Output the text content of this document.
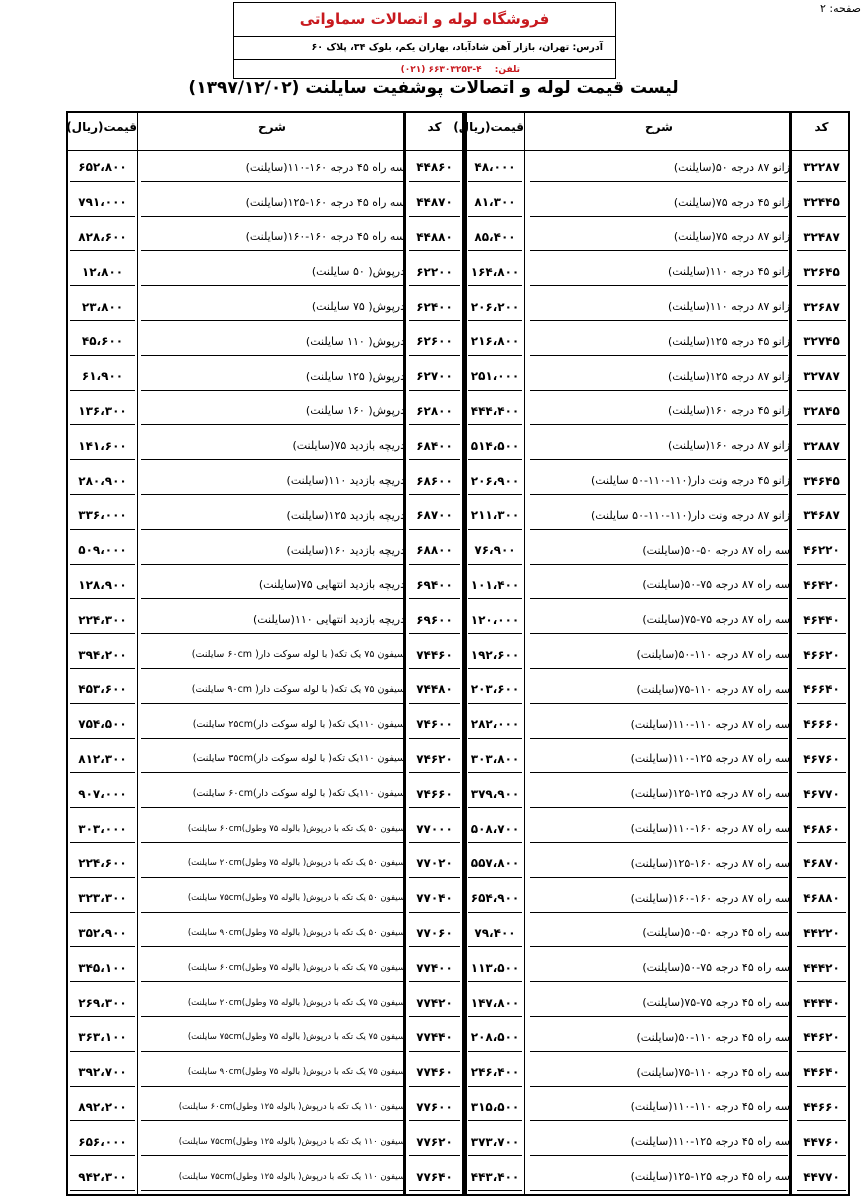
صفحه: ۲
فروشگاه لوله و اتصالات سماواتی
آدرس: تهران، بازار آهن شادآباد، بهاران یکم، بلوک ۳۴، پلاک ۶۰
تلفن: (۰۲۱) ۶۶۳۰۳۲۵۳-۴
لیست قیمت لوله و اتصالات پوشفیت سایلنت (۱۳۹۷/۱۲/۰۲)
کد
شرح
قیمت(ریال)
کد
شرح
قیمت(ریال)
۳۲۲۸۷
زانو ۸۷ درجه ۵۰(سایلنت)
۴۸،۰۰۰
۳۲۴۴۵
زانو ۴۵ درجه ۷۵(سایلنت)
۸۱،۳۰۰
۳۲۴۸۷
زانو ۸۷ درجه ۷۵(سایلنت)
۸۵،۴۰۰
۳۲۶۴۵
زانو ۴۵ درجه ۱۱۰(سایلنت)
۱۶۴،۸۰۰
۳۲۶۸۷
زانو ۸۷ درجه ۱۱۰(سایلنت)
۲۰۶،۲۰۰
۳۲۷۴۵
زانو ۴۵ درجه ۱۲۵(سایلنت)
۲۱۶،۸۰۰
۳۲۷۸۷
زانو ۸۷ درجه ۱۲۵(سایلنت)
۲۵۱،۰۰۰
۳۲۸۴۵
زانو ۴۵ درجه ۱۶۰(سایلنت)
۴۴۴،۴۰۰
۳۲۸۸۷
زانو ۸۷ درجه ۱۶۰(سایلنت)
۵۱۴،۵۰۰
۳۴۶۴۵
زانو ۴۵ درجه ونت دار(۱۱۰-۱۱۰-۵۰ سایلنت)
۲۰۶،۹۰۰
۳۴۶۸۷
زانو ۸۷ درجه ونت دار(۱۱۰-۱۱۰-۵۰ سایلنت)
۲۱۱،۳۰۰
۴۶۲۲۰
سه راه ۸۷ درجه ۵۰-۵۰(سایلنت)
۷۶،۹۰۰
۴۶۴۲۰
سه راه ۸۷ درجه ۷۵-۵۰(سایلنت)
۱۰۱،۴۰۰
۴۶۴۴۰
سه راه ۸۷ درجه ۷۵-۷۵(سایلنت)
۱۲۰،۰۰۰
۴۶۶۲۰
سه راه ۸۷ درجه ۱۱۰-۵۰(سایلنت)
۱۹۲،۶۰۰
۴۶۶۴۰
سه راه ۸۷ درجه ۱۱۰-۷۵(سایلنت)
۲۰۳،۶۰۰
۴۶۶۶۰
سه راه ۸۷ درجه ۱۱۰-۱۱۰(سایلنت)
۲۸۲،۰۰۰
۴۶۷۶۰
سه راه ۸۷ درجه ۱۲۵-۱۱۰(سایلنت)
۳۰۳،۸۰۰
۴۶۷۷۰
سه راه ۸۷ درجه ۱۲۵-۱۲۵(سایلنت)
۳۷۹،۹۰۰
۴۶۸۶۰
سه راه ۸۷ درجه ۱۶۰-۱۱۰(سایلنت)
۵۰۸،۷۰۰
۴۶۸۷۰
سه راه ۸۷ درجه ۱۶۰-۱۲۵(سایلنت)
۵۵۷،۸۰۰
۴۶۸۸۰
سه راه ۸۷ درجه ۱۶۰-۱۶۰(سایلنت)
۶۵۴،۹۰۰
۴۴۲۲۰
سه راه ۴۵ درجه ۵۰-۵۰(سایلنت)
۷۹،۴۰۰
۴۴۴۲۰
سه راه ۴۵ درجه ۷۵-۵۰(سایلنت)
۱۱۳،۵۰۰
۴۴۴۴۰
سه راه ۴۵ درجه ۷۵-۷۵(سایلنت)
۱۴۷،۸۰۰
۴۴۶۲۰
سه راه ۴۵ درجه ۱۱۰-۵۰(سایلنت)
۲۰۸،۵۰۰
۴۴۶۴۰
سه راه ۴۵ درجه ۱۱۰-۷۵(سایلنت)
۲۴۶،۴۰۰
۴۴۶۶۰
سه راه ۴۵ درجه ۱۱۰-۱۱۰(سایلنت)
۳۱۵،۵۰۰
۴۴۷۶۰
سه راه ۴۵ درجه ۱۲۵-۱۱۰(سایلنت)
۳۷۳،۷۰۰
۴۴۷۷۰
سه راه ۴۵ درجه ۱۲۵-۱۲۵(سایلنت)
۴۴۳،۴۰۰
۴۴۸۶۰
سه راه ۴۵ درجه ۱۶۰-۱۱۰(سایلنت)
۶۵۲،۸۰۰
۴۴۸۷۰
سه راه ۴۵ درجه ۱۶۰-۱۲۵(سایلنت)
۷۹۱،۰۰۰
۴۴۸۸۰
سه راه ۴۵ درجه ۱۶۰-۱۶۰(سایلنت)
۸۲۸،۶۰۰
۶۲۲۰۰
درپوش( ۵۰ سایلنت)
۱۲،۸۰۰
۶۲۴۰۰
درپوش( ۷۵ سایلنت)
۲۳،۸۰۰
۶۲۶۰۰
درپوش( ۱۱۰ سایلنت)
۴۵،۶۰۰
۶۲۷۰۰
درپوش( ۱۲۵ سایلنت)
۶۱،۹۰۰
۶۲۸۰۰
درپوش( ۱۶۰ سایلنت)
۱۳۶،۳۰۰
۶۸۴۰۰
دریچه بازدید ۷۵(سایلنت)
۱۴۱،۶۰۰
۶۸۶۰۰
دریچه بازدید ۱۱۰(سایلنت)
۲۸۰،۹۰۰
۶۸۷۰۰
دریچه بازدید ۱۲۵(سایلنت)
۳۳۶،۰۰۰
۶۸۸۰۰
دریچه بازدید ۱۶۰(سایلنت)
۵۰۹،۰۰۰
۶۹۴۰۰
دریچه بازدید انتهایی ۷۵(سایلنت)
۱۲۸،۹۰۰
۶۹۶۰۰
دریچه بازدید انتهایی ۱۱۰(سایلنت)
۲۲۴،۳۰۰
۷۴۴۶۰
سیفون ۷۵ یک تکه( با لوله سوکت دار( ۶۰cm سایلنت)
۳۹۴،۲۰۰
۷۴۴۸۰
سیفون ۷۵ یک تکه( با لوله سوکت دار( ۹۰cm سایلنت)
۴۵۳،۶۰۰
۷۴۶۰۰
سیفون ۱۱۰یک تکه( با لوله سوکت دار)۲۵cm سایلنت)
۷۵۴،۵۰۰
۷۴۶۲۰
سیفون ۱۱۰یک تکه( با لوله سوکت دار)۳۵cm سایلنت)
۸۱۲،۳۰۰
۷۴۶۶۰
سیفون ۱۱۰یک تکه( با لوله سوکت دار)۶۰cm سایلنت)
۹۰۷،۰۰۰
۷۷۰۰۰
سیفون ۵۰ یک تکه با درپوش( بالوله ۷۵ وطول)۶۰cm سایلنت)
۳۰۳،۰۰۰
۷۷۰۲۰
سیفون ۵۰ یک تکه با درپوش( بالوله ۷۵ وطول)۲۰cm سایلنت)
۲۲۴،۶۰۰
۷۷۰۴۰
سیفون ۵۰ یک تکه با درپوش( بالوله ۷۵ وطول)۷۵cm سایلنت)
۳۲۳،۳۰۰
۷۷۰۶۰
سیفون ۵۰ یک تکه با درپوش( بالوله ۷۵ وطول)۹۰cm سایلنت)
۳۵۲،۹۰۰
۷۷۴۰۰
سیفون ۷۵ یک تکه با درپوش( بالوله ۷۵ وطول)۶۰cm سایلنت)
۳۴۵،۱۰۰
۷۷۴۲۰
سیفون ۷۵ یک تکه با درپوش( بالوله ۷۵ وطول)۲۰cm سایلنت)
۲۶۹،۳۰۰
۷۷۴۴۰
سیفون ۷۵ یک تکه با درپوش( بالوله ۷۵ وطول)۷۵cm سایلنت)
۳۶۳،۱۰۰
۷۷۴۶۰
سیفون ۷۵ یک تکه با درپوش( بالوله ۷۵ وطول)۹۰cm سایلنت)
۳۹۲،۷۰۰
۷۷۶۰۰
سیفون ۱۱۰ یک تکه با درپوش( بالوله ۱۲۵ وطول)۶۰cm سایلنت)
۸۹۲،۲۰۰
۷۷۶۲۰
سیفون ۱۱۰ یک تکه با درپوش( بالوله ۱۲۵ وطول)۷۵cm سایلنت)
۶۵۶،۰۰۰
۷۷۶۴۰
سیفون ۱۱۰ یک تکه با درپوش( بالوله ۱۲۵ وطول)۷۵cm سایلنت)
۹۴۲،۳۰۰
